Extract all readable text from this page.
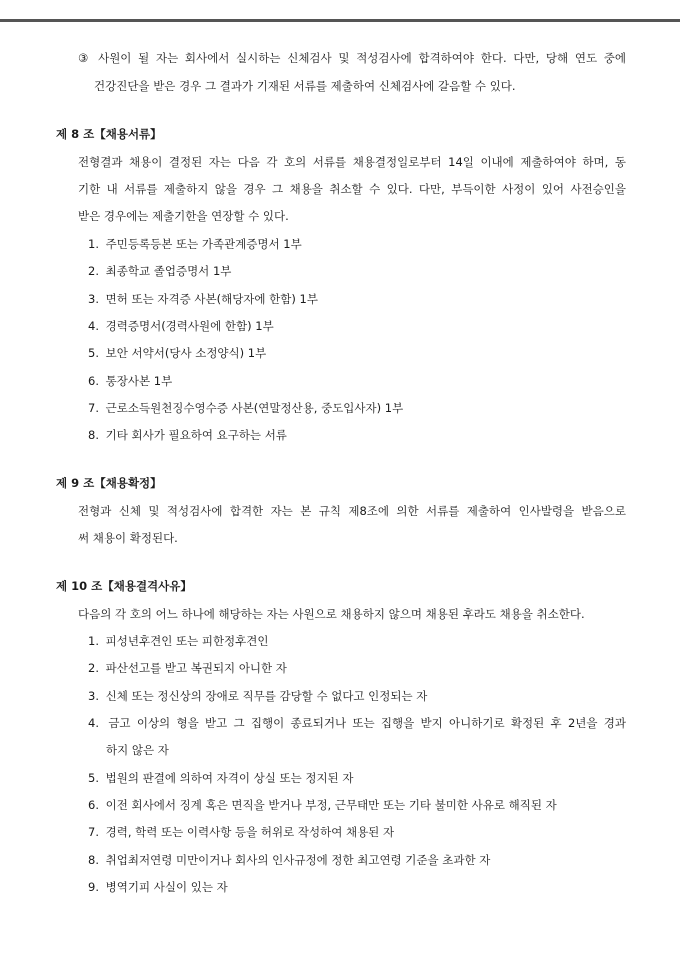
③ 사원이 될 자는 회사에서 실시하는 신체검사 및 적성검사에 합격하여야 한다. 다만, 당해 연도 중에
건강진단을 받은 경우 그 결과가 기재된 서류를 제출하여 신체검사에 갈음할 수 있다.
제 8 조【채용서류】
전형결과 채용이 결정된 자는 다음 각 호의 서류를 채용결정일로부터 14일 이내에 제출하여야 하며, 동
기한 내 서류를 제출하지 않을 경우 그 채용을 취소할 수 있다. 다만, 부득이한 사정이 있어 사전승인을
받은 경우에는 제출기한을 연장할 수 있다.
1. 주민등록등본 또는 가족관계증명서 1부
2. 최종학교 졸업증명서 1부
3. 면허 또는 자격증 사본(해당자에 한함) 1부
4. 경력증명서(경력사원에 한함) 1부
5. 보안 서약서(당사 소정양식) 1부
6. 통장사본 1부
7. 근로소득원천징수영수증 사본(연말정산용, 중도입사자) 1부
8. 기타 회사가 필요하여 요구하는 서류
제 9 조【채용확정】
전형과 신체 및 적성검사에 합격한 자는 본 규칙 제8조에 의한 서류를 제출하여 인사발령을 받음으로
써 채용이 확정된다.
제 10 조【채용결격사유】
다음의 각 호의 어느 하나에 해당하는 자는 사원으로 채용하지 않으며 채용된 후라도 채용을 취소한다.
1. 피성년후견인 또는 피한정후견인
2. 파산선고를 받고 복권되지 아니한 자
3. 신체 또는 정신상의 장애로 직무를 감당할 수 없다고 인정되는 자
4. 금고 이상의 형을 받고 그 집행이 종료되거나 또는 집행을 받지 아니하기로 확정된 후 2년을 경과
하지 않은 자
5. 법원의 판결에 의하여 자격이 상실 또는 정지된 자
6. 이전 회사에서 징계 혹은 면직을 받거나 부정, 근무태만 또는 기타 불미한 사유로 해직된 자
7. 경력, 학력 또는 이력사항 등을 허위로 작성하여 채용된 자
8. 취업최저연령 미만이거나 회사의 인사규정에 정한 최고연령 기준을 초과한 자
9. 병역기피 사실이 있는 자
